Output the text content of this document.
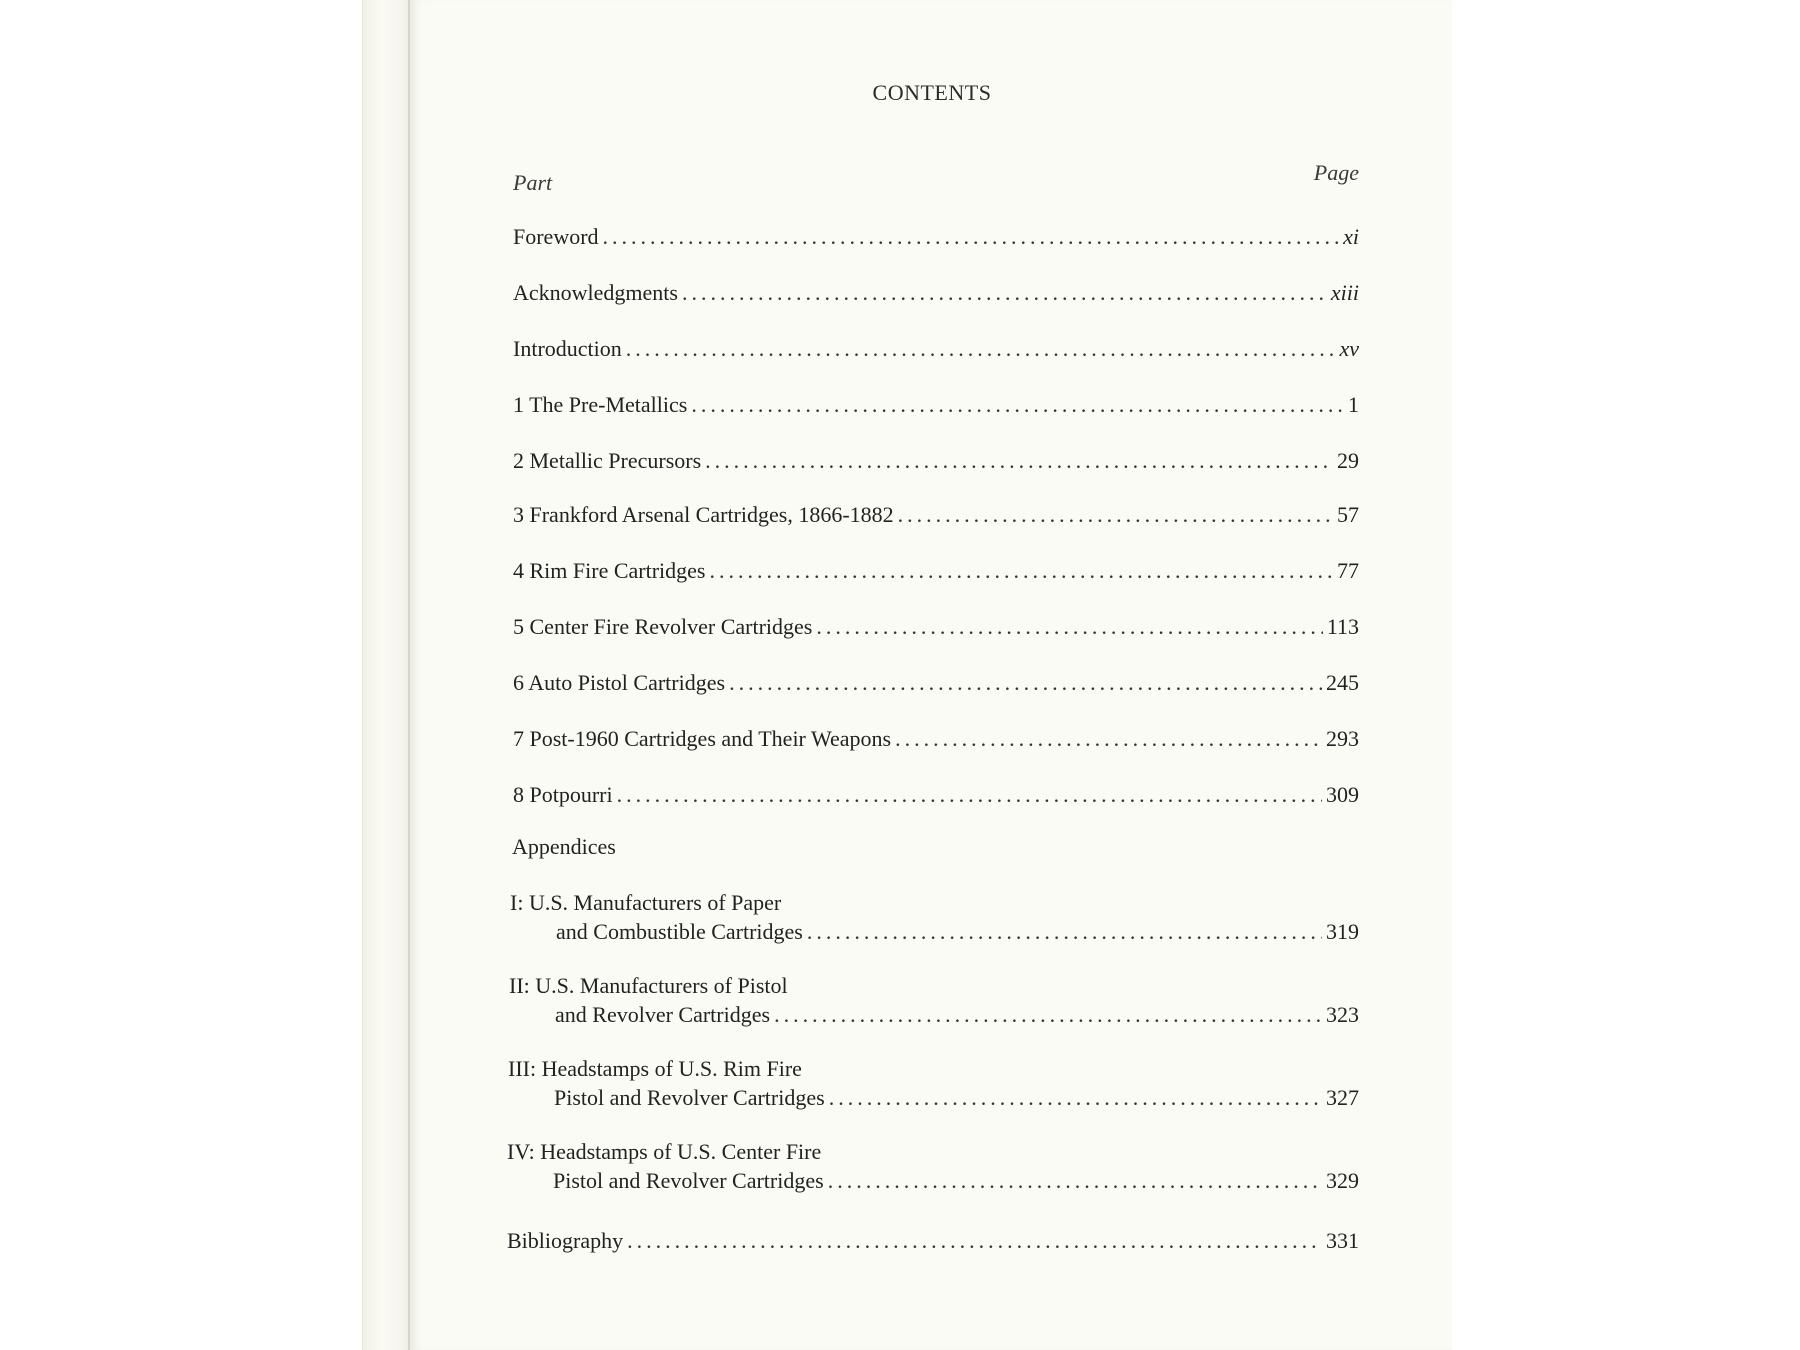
CONTENTS
Part	Page
Foreword .....	xi
Acknowledgments .....	xiii
Introduction .....	xv
1 The Pre-Metallics .....	1
2 Metallic Precursors .....	29
3 Frankford Arsenal Cartridges, 1866-1882 .....	57
4 Rim Fire Cartridges .....	77
5 Center Fire Revolver Cartridges .....	113
6 Auto Pistol Cartridges .....	245
7 Post-1960 Cartridges and Their Weapons .....	293
8 Potpourri .....	309
Appendices
I: U.S. Manufacturers of Paper
and Combustible Cartridges .....	319
II: U.S. Manufacturers of Pistol
and Revolver Cartridges .....	323
III: Headstamps of U.S. Rim Fire
Pistol and Revolver Cartridges .....	327
IV: Headstamps of U.S. Center Fire
Pistol and Revolver Cartridges .....	329
Bibliography .....	331
